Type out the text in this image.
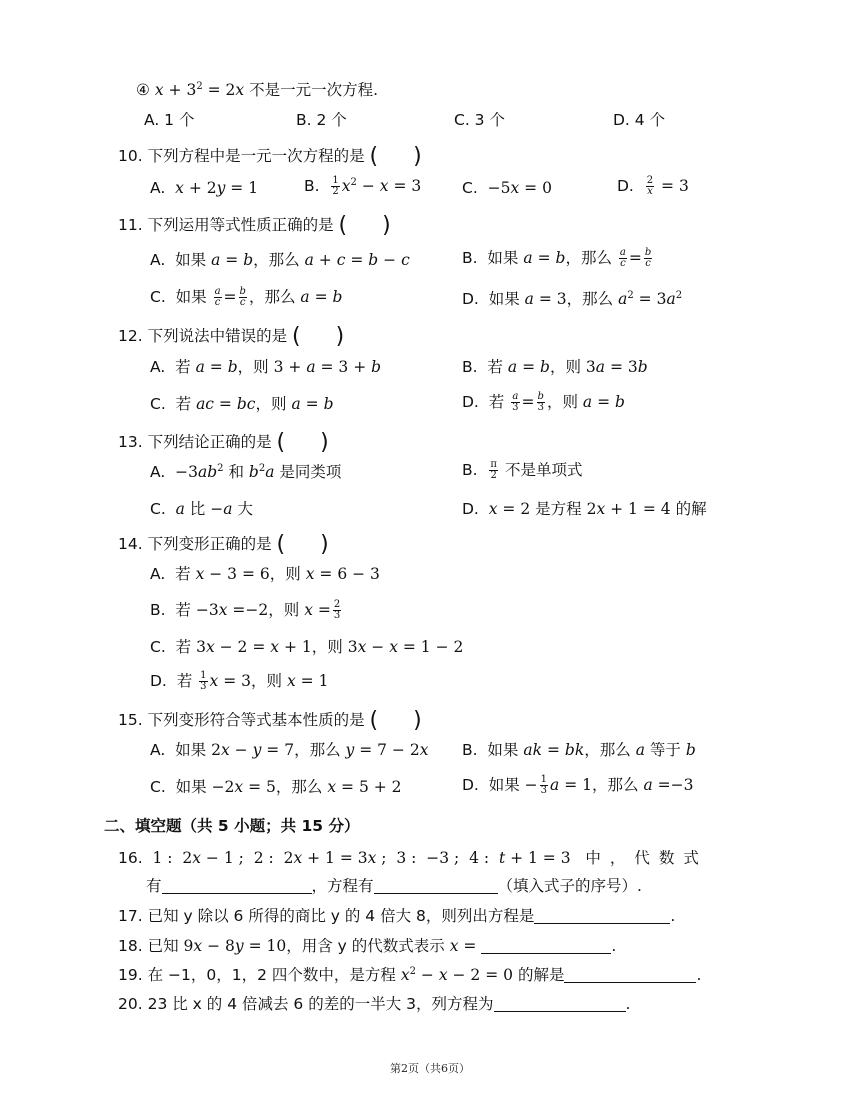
④ $x + 3^2 = 2x$ 不是一元一次方程.
A. 1 个	B. 2 个	C. 3 个	D. 4 个
10. 下列方程中是一元一次方程的是 (     )
A.  x + 2y = 1	B. $\frac{1}{2} x^2 - x = 3$	C.  −5x = 0	D. $\frac{2}{x} = 3$
11. 下列运用等式性质正确的是 (     )
A.  如果 a = b，那么 a + c = b − c	B.  如果 a = b，那么 $\frac{a}{c} = \frac{b}{c}$
C.  如果 $\frac{a}{c} = \frac{b}{c}$ ，那么 a = b	D.  如果 a = 3，那么 $a^2 = 3a^2$
12. 下列说法中错误的是 (     )
A.  若 a = b，则 3 + a = 3 + b	B.  若 a = b，则 3a = 3b
C.  若 ac = bc，则 a = b	D.  若 $\frac{a}{3} = \frac{b}{3}$ ，则 a = b
13. 下列结论正确的是 (     )
A.  $-3ab^2$ 和 $b^2a$ 是同类项	B. $\frac{\pi}{2}$ 不是单项式
C.  a 比 −a 大	D.  x = 2 是方程 2x + 1 = 4 的解
14. 下列变形正确的是 (     )
A.  若 x − 3 = 6，则 x = 6 − 3
B.  若 −3x =−2，则 $x = \frac{2}{3}$
C.  若 3x − 2 = x + 1，则 3x − x = 1 − 2
D.  若 $\frac{1}{3}$ x = 3，则 x = 1
15. 下列变形符合等式基本性质的是 (     )
A.  如果 2x − y = 7，那么 y = 7 − 2x B.  如果 ak = bk，那么 a 等于 b
C.  如果 −2x = 5，那么 x = 5 + 2	D.  如果 − $\frac{1}{3}$ a = 1，那么 a =−3
二、填空题（共 5 小题；共 15 分）
16. 1 :  2x − 1 ;  2 :  2x + 1 = 3x ;  3 :  −3 ;  4 :  t + 1 = 3 中，代数式
有	，方程有	（填入式子的序号）.
17. 已知 y 除以 6 所得的商比 y 的 4 倍大 8，则列出方程是	.
18. 已知 9x − 8y = 10，用含 y 的代数式表示 x =	.
19. 在 −1，0，1，2 四个数中，是方程 $x^2 - x - 2 = 0$ 的解是	.
20. 23 比 x 的 4 倍减去 6 的差的一半大 3，列方程为	.
第2页（共6页）
